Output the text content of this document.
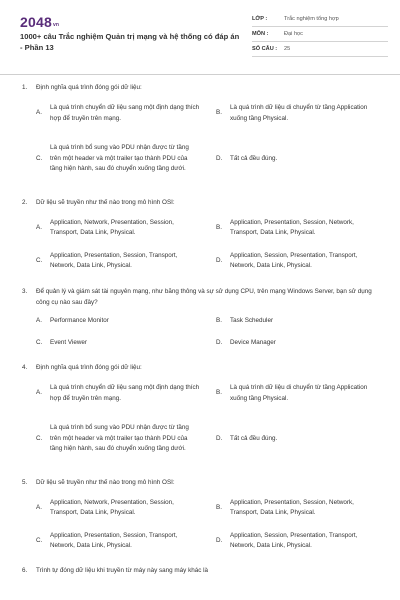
2048vn
1000+ câu Trắc nghiệm Quản trị mạng và hệ thống có đáp án - Phần 13
LỚP :	Trắc nghiệm tổng hợp
MÔN :	Đại học
SỐ CÂU :	25
1.	Định nghĩa quá trình đóng gói dữ liệu:
A.
Là quá trình chuyển dữ liệu sang một định dạng thích hợp để truyền trên mạng.
B.
Là quá trình dữ liệu di chuyển từ tầng Application xuống tầng Physical.
C.
Là quá trình bổ sung vào PDU nhận được từ tầng trên một header và một trailer tạo thành PDU của tầng hiện hành, sau đó chuyển xuống tầng dưới.
D.	Tất cả đều đúng.
2.	Dữ liệu sẽ truyền như thế nào trong mô hình OSI:
A.
Application, Network, Presentation, Session, Transport, Data Link, Physical.
B.
Application, Presentation, Session, Network, Transport, Data Link, Physical.
C.
Application, Presentation, Session, Transport, Network, Data Link, Physical.
D.
Application, Session, Presentation, Transport, Network, Data Link, Physical.
3.	Để quản lý và giám sát tài nguyên mạng, như băng thông và sự sử dụng CPU, trên mạng Windows Server, bạn sử dụng công cụ nào sau đây?
A.	Performance Monitor	B.	Task Scheduler
C.	Event Viewer	D.	Device Manager
4.	Định nghĩa quá trình đóng gói dữ liệu:
A.
Là quá trình chuyển dữ liệu sang một định dạng thích hợp để truyền trên mạng.
B.
Là quá trình dữ liệu di chuyển từ tầng Application xuống tầng Physical.
C.
Là quá trình bổ sung vào PDU nhận được từ tầng trên một header và một trailer tạo thành PDU của tầng hiện hành, sau đó chuyển xuống tầng dưới.
D.	Tất cả đều đúng.
5.	Dữ liệu sẽ truyền như thế nào trong mô hình OSI:
A.
Application, Network, Presentation, Session, Transport, Data Link, Physical.
B.
Application, Presentation, Session, Network, Transport, Data Link, Physical.
C.
Application, Presentation, Session, Transport, Network, Data Link, Physical.
D.
Application, Session, Presentation, Transport, Network, Data Link, Physical.
6.	Trình tự đóng dữ liệu khi truyền từ máy này sang máy khác là
